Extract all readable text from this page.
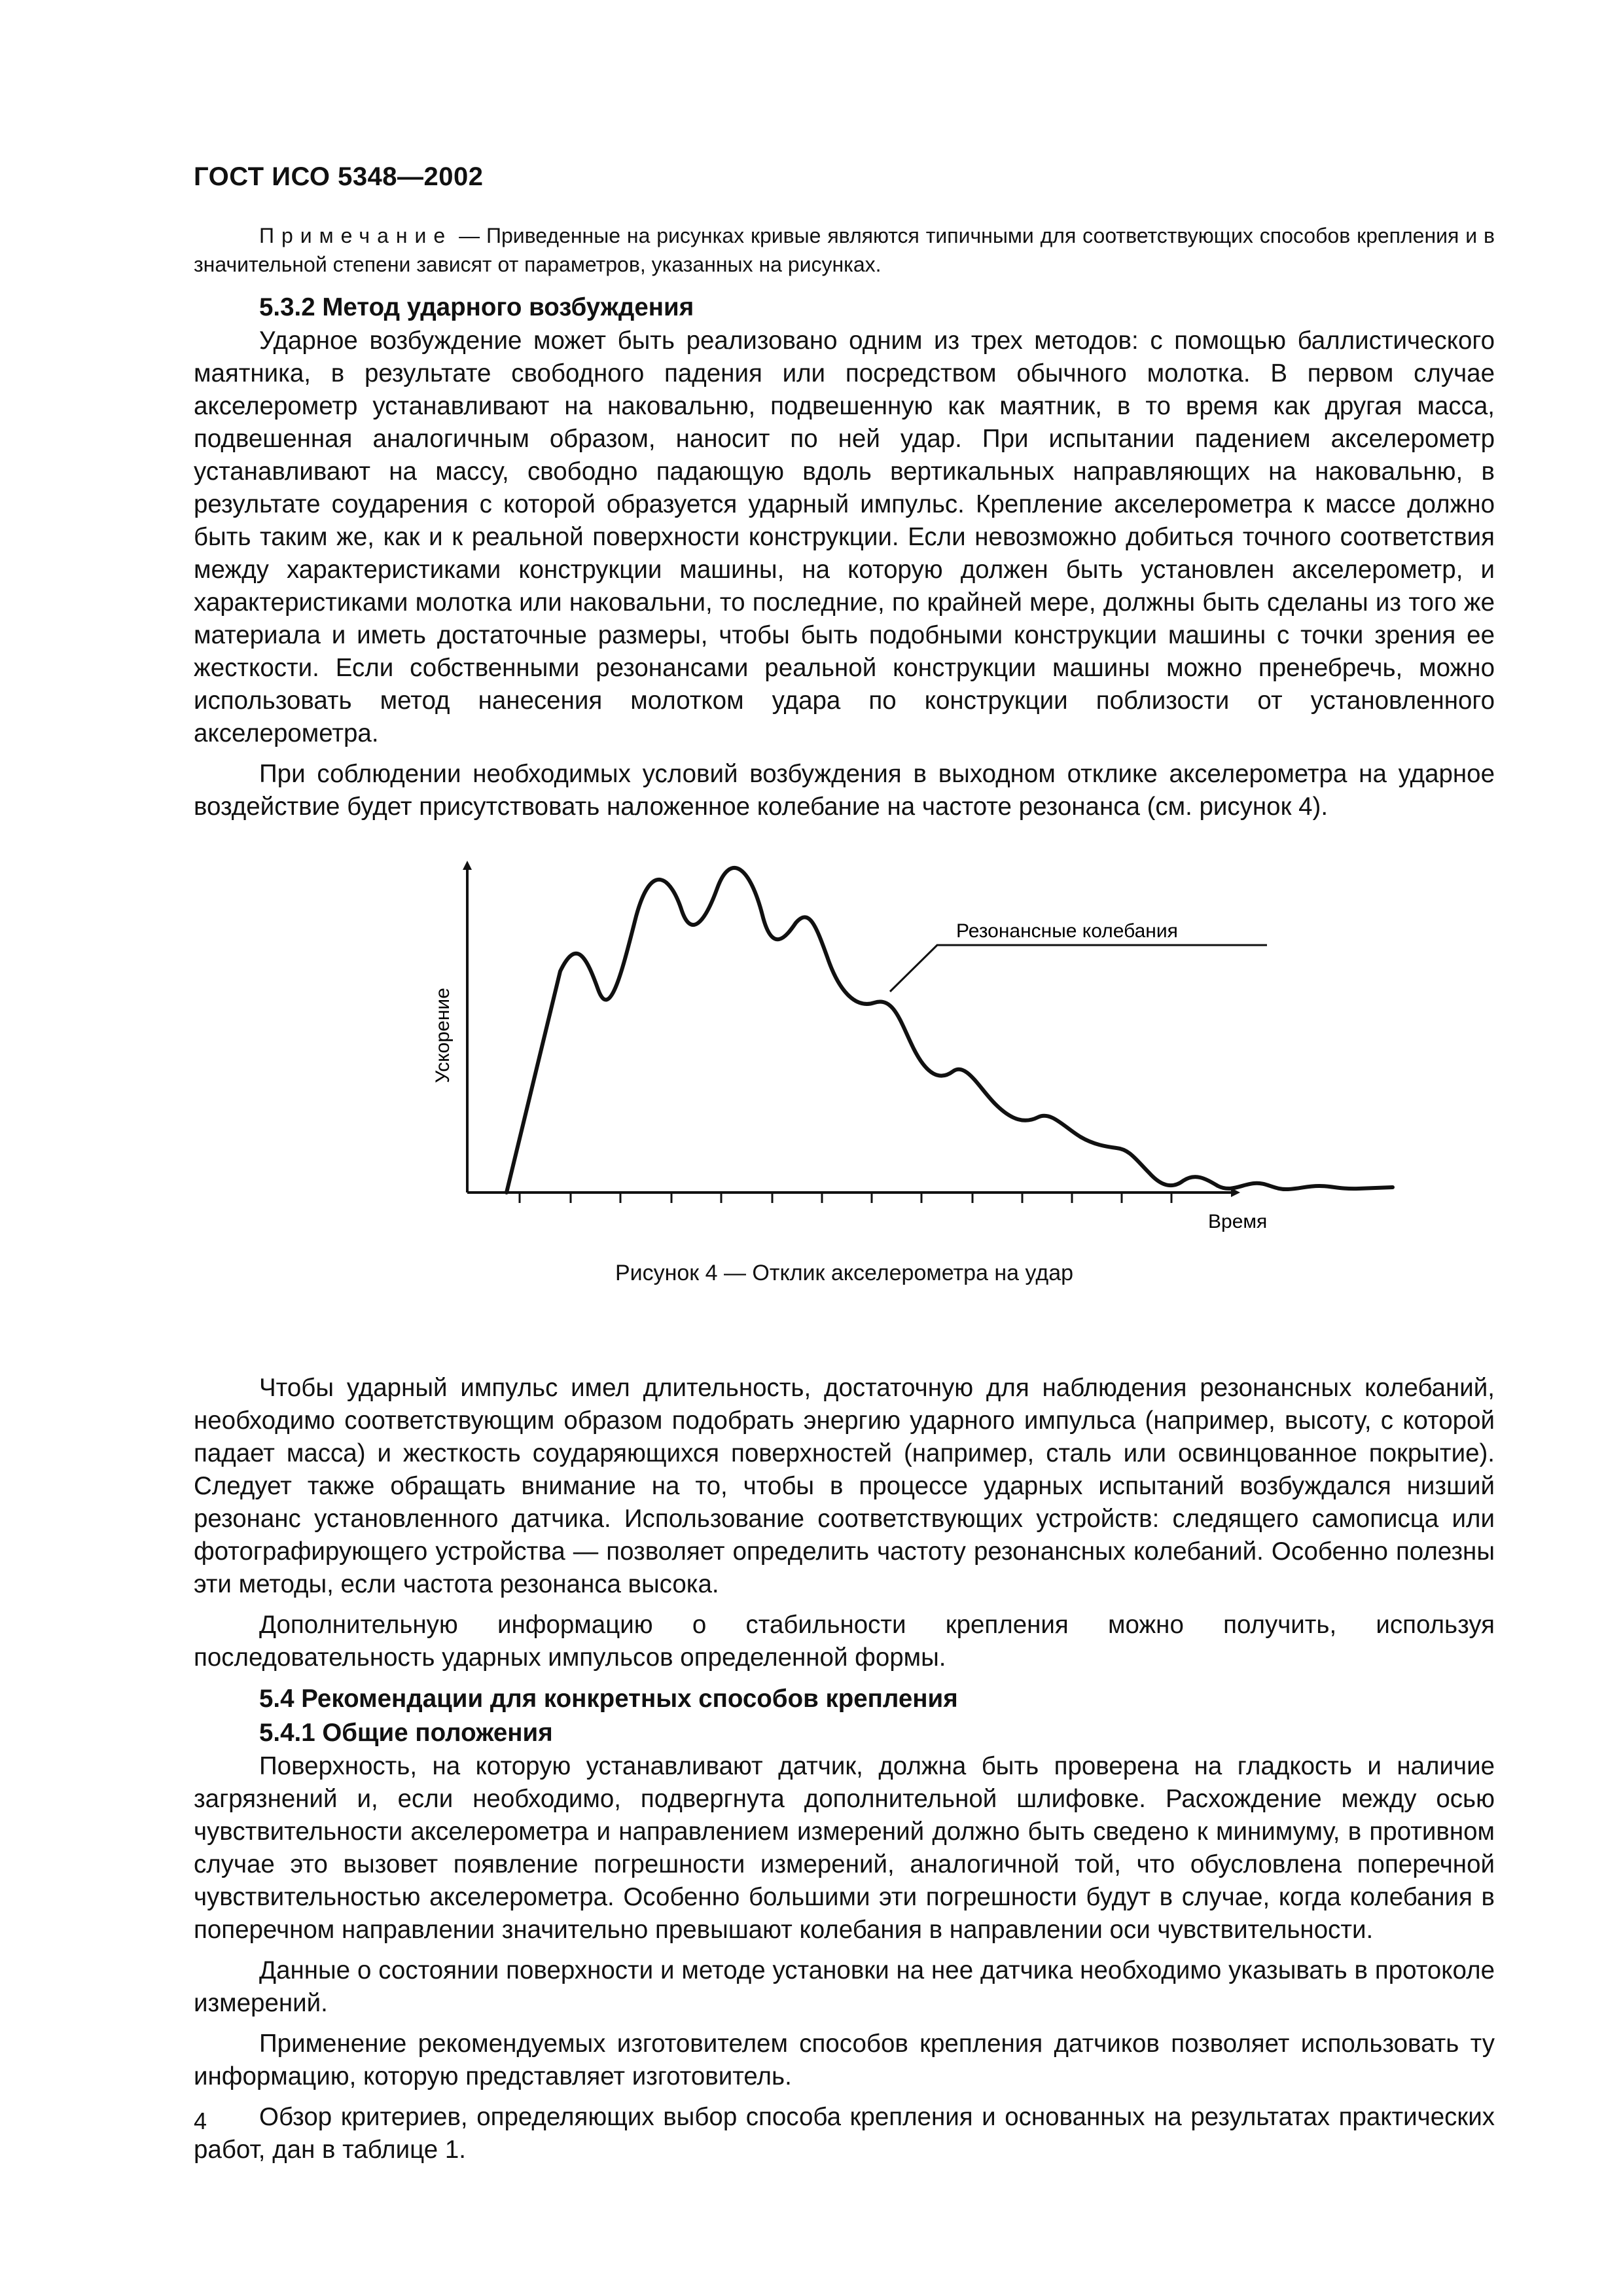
ГОСТ ИСО 5348—2002

Примечание — Приведенные на рисунках кривые являются типичными для соответствующих способов крепления и в значительной степени зависят от параметров, указанных на рисунках.

5.3.2 Метод ударного возбуждения

Ударное возбуждение может быть реализовано одним из трех методов: с помощью баллистического маятника, в результате свободного падения или посредством обычного молотка. В первом случае акселерометр устанавливают на наковальню, подвешенную как маятник, в то время как другая масса, подвешенная аналогичным образом, наносит по ней удар. При испытании падением акселерометр устанавливают на массу, свободно падающую вдоль вертикальных направляющих на наковальню, в результате соударения с которой образуется ударный импульс. Крепление акселерометра к массе должно быть таким же, как и к реальной поверхности конструкции. Если невозможно добиться точного соответствия между характеристиками конструкции машины, на которую должен быть установлен акселерометр, и характеристиками молотка или наковальни, то последние, по крайней мере, должны быть сделаны из того же материала и иметь достаточные размеры, чтобы быть подобными конструкции машины с точки зрения ее жесткости. Если собственными резонансами реальной конструкции машины можно пренебречь, можно использовать метод нанесения молотком удара по конструкции поблизости от установленного акселерометра.

При соблюдении необходимых условий возбуждения в выходном отклике акселерометра на ударное воздействие будет присутствовать наложенное колебание на частоте резонанса (см. рисунок 4).

Резонансные колебания
Ускорение
Время

Рисунок 4 — Отклик акселерометра на удар

Чтобы ударный импульс имел длительность, достаточную для наблюдения резонансных колебаний, необходимо соответствующим образом подобрать энергию ударного импульса (например, высоту, с которой падает масса) и жесткость соударяющихся поверхностей (например, сталь или освинцованное покрытие). Следует также обращать внимание на то, чтобы в процессе ударных испытаний возбуждался низший резонанс установленного датчика. Использование соответствующих устройств: следящего самописца или фотографирующего устройства — позволяет определить частоту резонансных колебаний. Особенно полезны эти методы, если частота резонанса высока.

Дополнительную информацию о стабильности крепления можно получить, используя последовательность ударных импульсов определенной формы.

5.4 Рекомендации для конкретных способов крепления

5.4.1 Общие положения

Поверхность, на которую устанавливают датчик, должна быть проверена на гладкость и наличие загрязнений и, если необходимо, подвергнута дополнительной шлифовке. Расхождение между осью чувствительности акселерометра и направлением измерений должно быть сведено к минимуму, в противном случае это вызовет появление погрешности измерений, аналогичной той, что обусловлена поперечной чувствительностью акселерометра. Особенно большими эти погрешности будут в случае, когда колебания в поперечном направлении значительно превышают колебания в направлении оси чувствительности.

Данные о состоянии поверхности и методе установки на нее датчика необходимо указывать в протоколе измерений.

Применение рекомендуемых изготовителем способов крепления датчиков позволяет использовать ту информацию, которую представляет изготовитель.

Обзор критериев, определяющих выбор способа крепления и основанных на результатах практических работ, дан в таблице 1.

4
